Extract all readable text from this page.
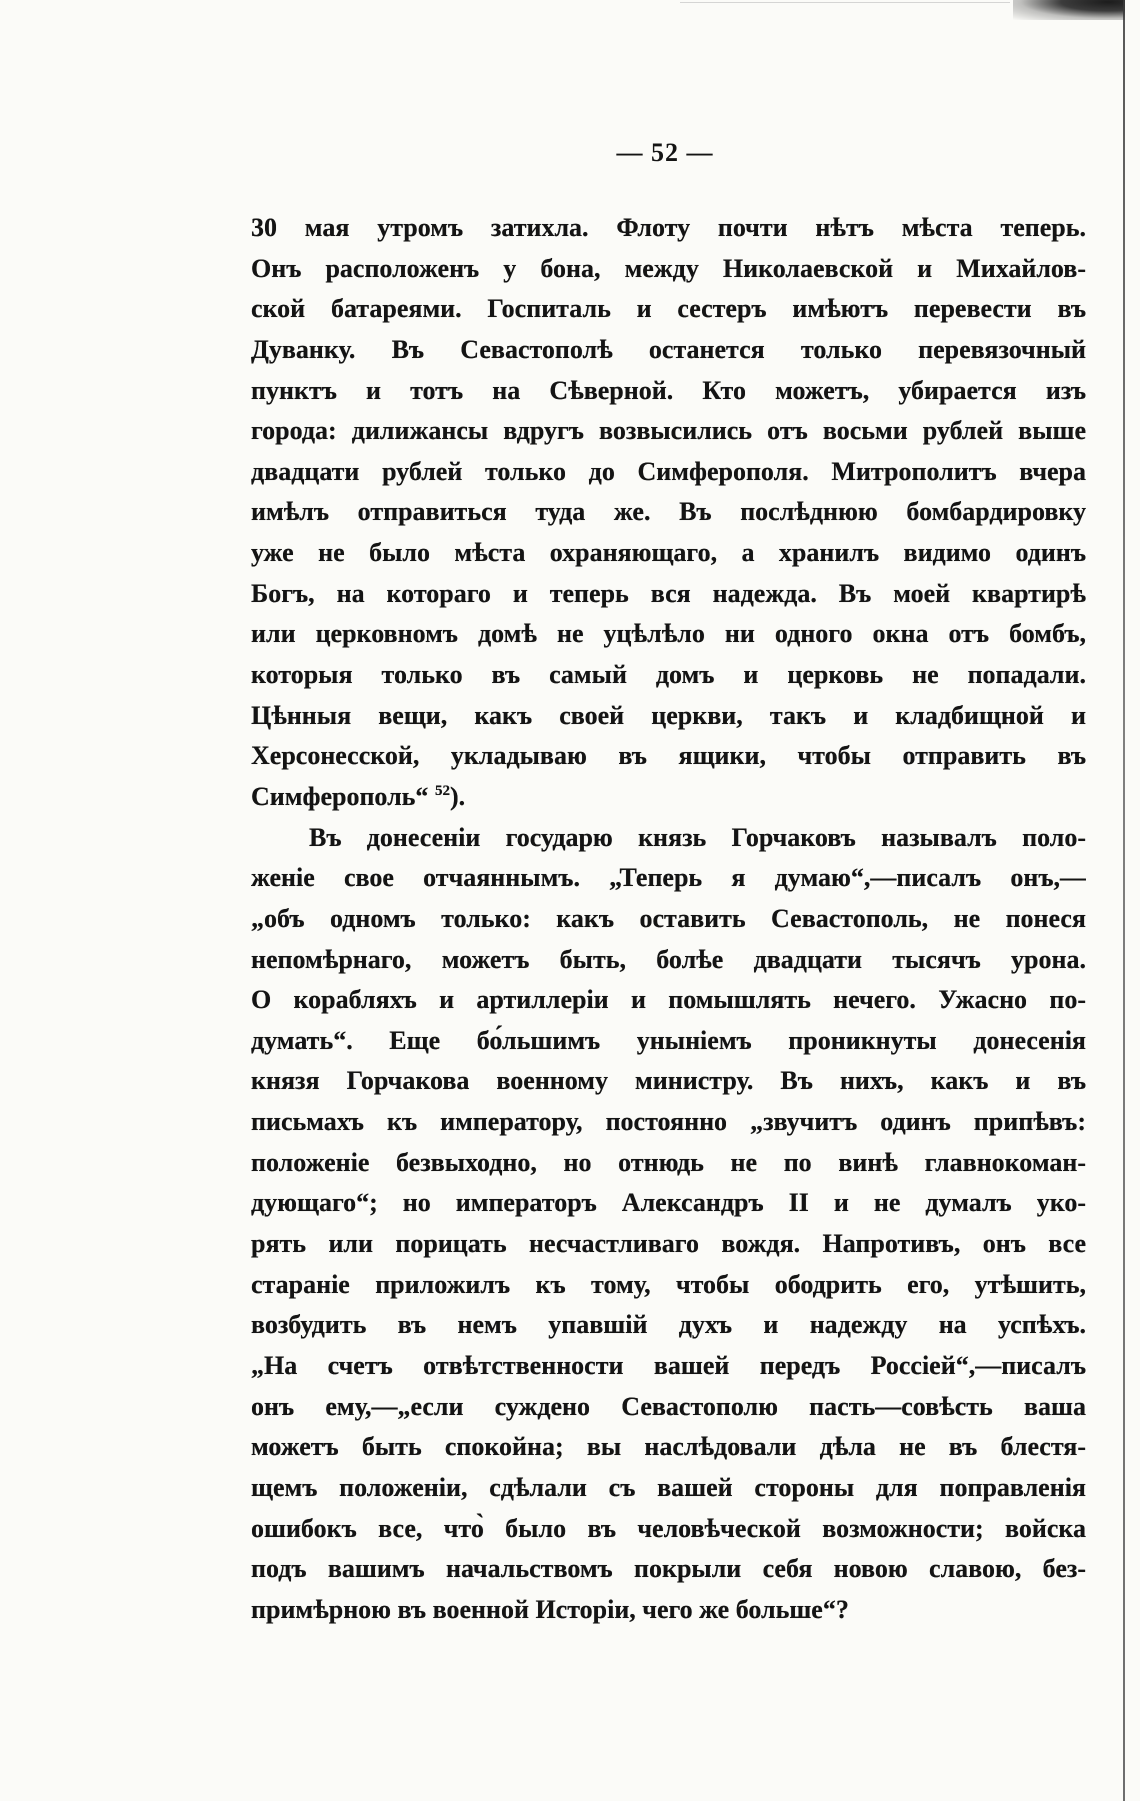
— 52 —
30 мая утромъ затихла. Флоту почти нѣтъ мѣста теперь.
Онъ расположенъ у бона, между Николаевской и Михайлов-
ской батареями. Госпиталь и сестеръ имѣютъ перевести въ
Дуванку. Въ Севастополѣ останется только перевязочный
пунктъ и тотъ на Сѣверной. Кто можетъ, убирается изъ
города: дилижансы вдругъ возвысились отъ восьми рублей выше
двадцати рублей только до Симферополя. Митрополитъ вчера
имѣлъ отправиться туда же. Въ послѣднюю бомбардировку
уже не было мѣста охраняющаго, а хранилъ видимо одинъ
Богъ, на котораго и теперь вся надежда. Въ моей квартирѣ
или церковномъ домѣ не уцѣлѣло ни одного окна отъ бомбъ,
которыя только въ самый домъ и церковь не попадали.
Цѣнныя вещи, какъ своей церкви, такъ и кладбищной и
Херсонесской, укладываю въ ящики, чтобы отправить въ
Симферополь“ $^{52}$).
Въ донесеніи государю князь Горчаковъ называлъ поло-
женіе свое отчаяннымъ. „Теперь я думаю“,—писалъ онъ,—
„объ одномъ только: какъ оставить Севастополь, не понеся
непомѣрнаго, можетъ быть, болѣе двадцати тысячъ урона.
О корабляхъ и артиллеріи и помышлять нечего. Ужасно по-
думать“. Еще бо́льшимъ уныніемъ проникнуты донесенія
князя Горчакова военному министру. Въ нихъ, какъ и въ
письмахъ къ императору, постоянно „звучитъ одинъ припѣвъ:
положеніе безвыходно, но отнюдь не по винѣ главнокоман-
дующаго“; но императоръ Александръ II и не думалъ уко-
рять или порицать несчастливаго вождя. Напротивъ, онъ все
стараніе приложилъ къ тому, чтобы ободрить его, утѣшить,
возбудить въ немъ упавшій духъ и надежду на успѣхъ.
„На счетъ отвѣтственности вашей передъ Россіей“,—писалъ
онъ ему,—„если суждено Севастополю пасть—совѣсть ваша
можетъ быть спокойна; вы наслѣдовали дѣла не въ блестя-
щемъ положеніи, сдѣлали съ вашей стороны для поправленія
ошибокъ все, что̀ было въ человѣческой возможности; войска
подъ вашимъ начальствомъ покрыли себя новою славою, без-
примѣрною въ военной Исторіи, чего же больше“?
